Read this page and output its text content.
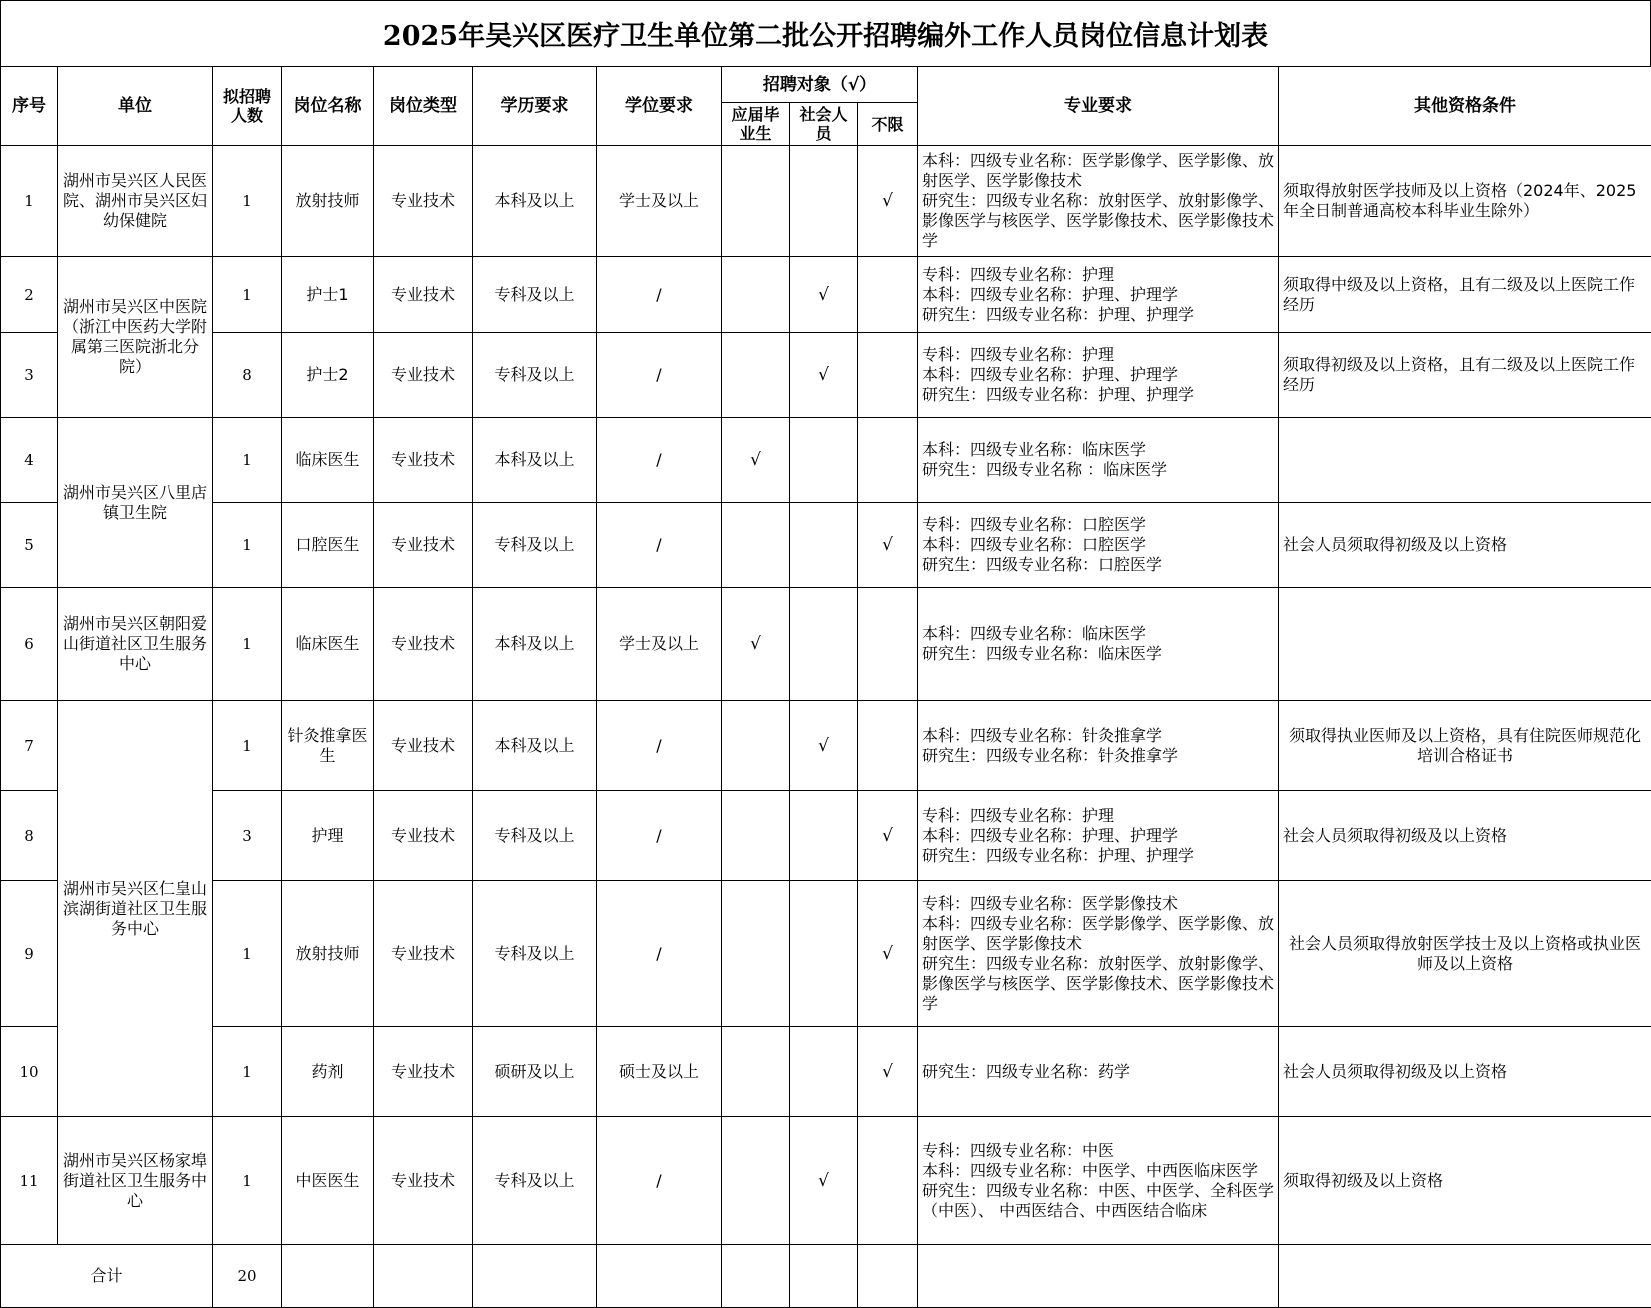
2025年吴兴区医疗卫生单位第二批公开招聘编外工作人员岗位信息计划表
序号	单位	拟招聘人数	岗位名称	岗位类型	学历要求	学位要求	招聘对象（√）			专业要求	其他资格条件
							应届毕业生	社会人员	不限		
1	湖州市吴兴区人民医院、湖州市吴兴区妇幼保健院	1	放射技师	专业技术	本科及以上	学士及以上			√	本科：四级专业名称：医学影像学、医学影像、放射医学、医学影像技术
研究生：四级专业名称：放射医学、放射影像学、影像医学与核医学、医学影像技术、医学影像技术学	须取得放射医学技师及以上资格（2024年、2025年全日制普通高校本科毕业生除外）
2	湖州市吴兴区中医院（浙江中医药大学附属第三医院浙北分院）	1	护士1	专业技术	专科及以上	/		√		专科：四级专业名称：护理
本科：四级专业名称：护理、护理学
研究生：四级专业名称：护理、护理学	须取得中级及以上资格，且有二级及以上医院工作经历
3		8	护士2	专业技术	专科及以上	/		√		专科：四级专业名称：护理
本科：四级专业名称：护理、护理学
研究生：四级专业名称：护理、护理学	须取得初级及以上资格，且有二级及以上医院工作经历
4	湖州市吴兴区八里店镇卫生院	1	临床医生	专业技术	本科及以上	/	√			本科：四级专业名称：临床医学
研究生：四级专业名称 ：临床医学	
5		1	口腔医生	专业技术	专科及以上	/			√	专科：四级专业名称：口腔医学
本科：四级专业名称：口腔医学
研究生：四级专业名称：口腔医学	社会人员须取得初级及以上资格
6	湖州市吴兴区朝阳爱山街道社区卫生服务中心	1	临床医生	专业技术	本科及以上	学士及以上	√			本科：四级专业名称：临床医学
研究生：四级专业名称：临床医学	
7	湖州市吴兴区仁皇山滨湖街道社区卫生服务中心	1	针灸推拿医生	专业技术	本科及以上	/		√		本科：四级专业名称：针灸推拿学
研究生：四级专业名称：针灸推拿学	须取得执业医师及以上资格，具有住院医师规范化培训合格证书
8		3	护理	专业技术	专科及以上	/			√	专科：四级专业名称：护理
本科：四级专业名称：护理、护理学
研究生：四级专业名称：护理、护理学	社会人员须取得初级及以上资格
9		1	放射技师	专业技术	专科及以上	/			√	专科：四级专业名称：医学影像技术
本科：四级专业名称：医学影像学、医学影像、放射医学、医学影像技术
研究生：四级专业名称：放射医学、放射影像学、影像医学与核医学、医学影像技术、医学影像技术学	社会人员须取得放射医学技士及以上资格或执业医师及以上资格
10		1	药剂	专业技术	硕研及以上	硕士及以上			√	研究生：四级专业名称：药学	社会人员须取得初级及以上资格
11	湖州市吴兴区杨家埠街道社区卫生服务中心	1	中医医生	专业技术	专科及以上	/		√		专科：四级专业名称：中医
本科：四级专业名称：中医学、中西医临床医学
研究生：四级专业名称：中医、中医学、全科医学（中医）、 中西医结合、中西医结合临床	须取得初级及以上资格
合计		20									
